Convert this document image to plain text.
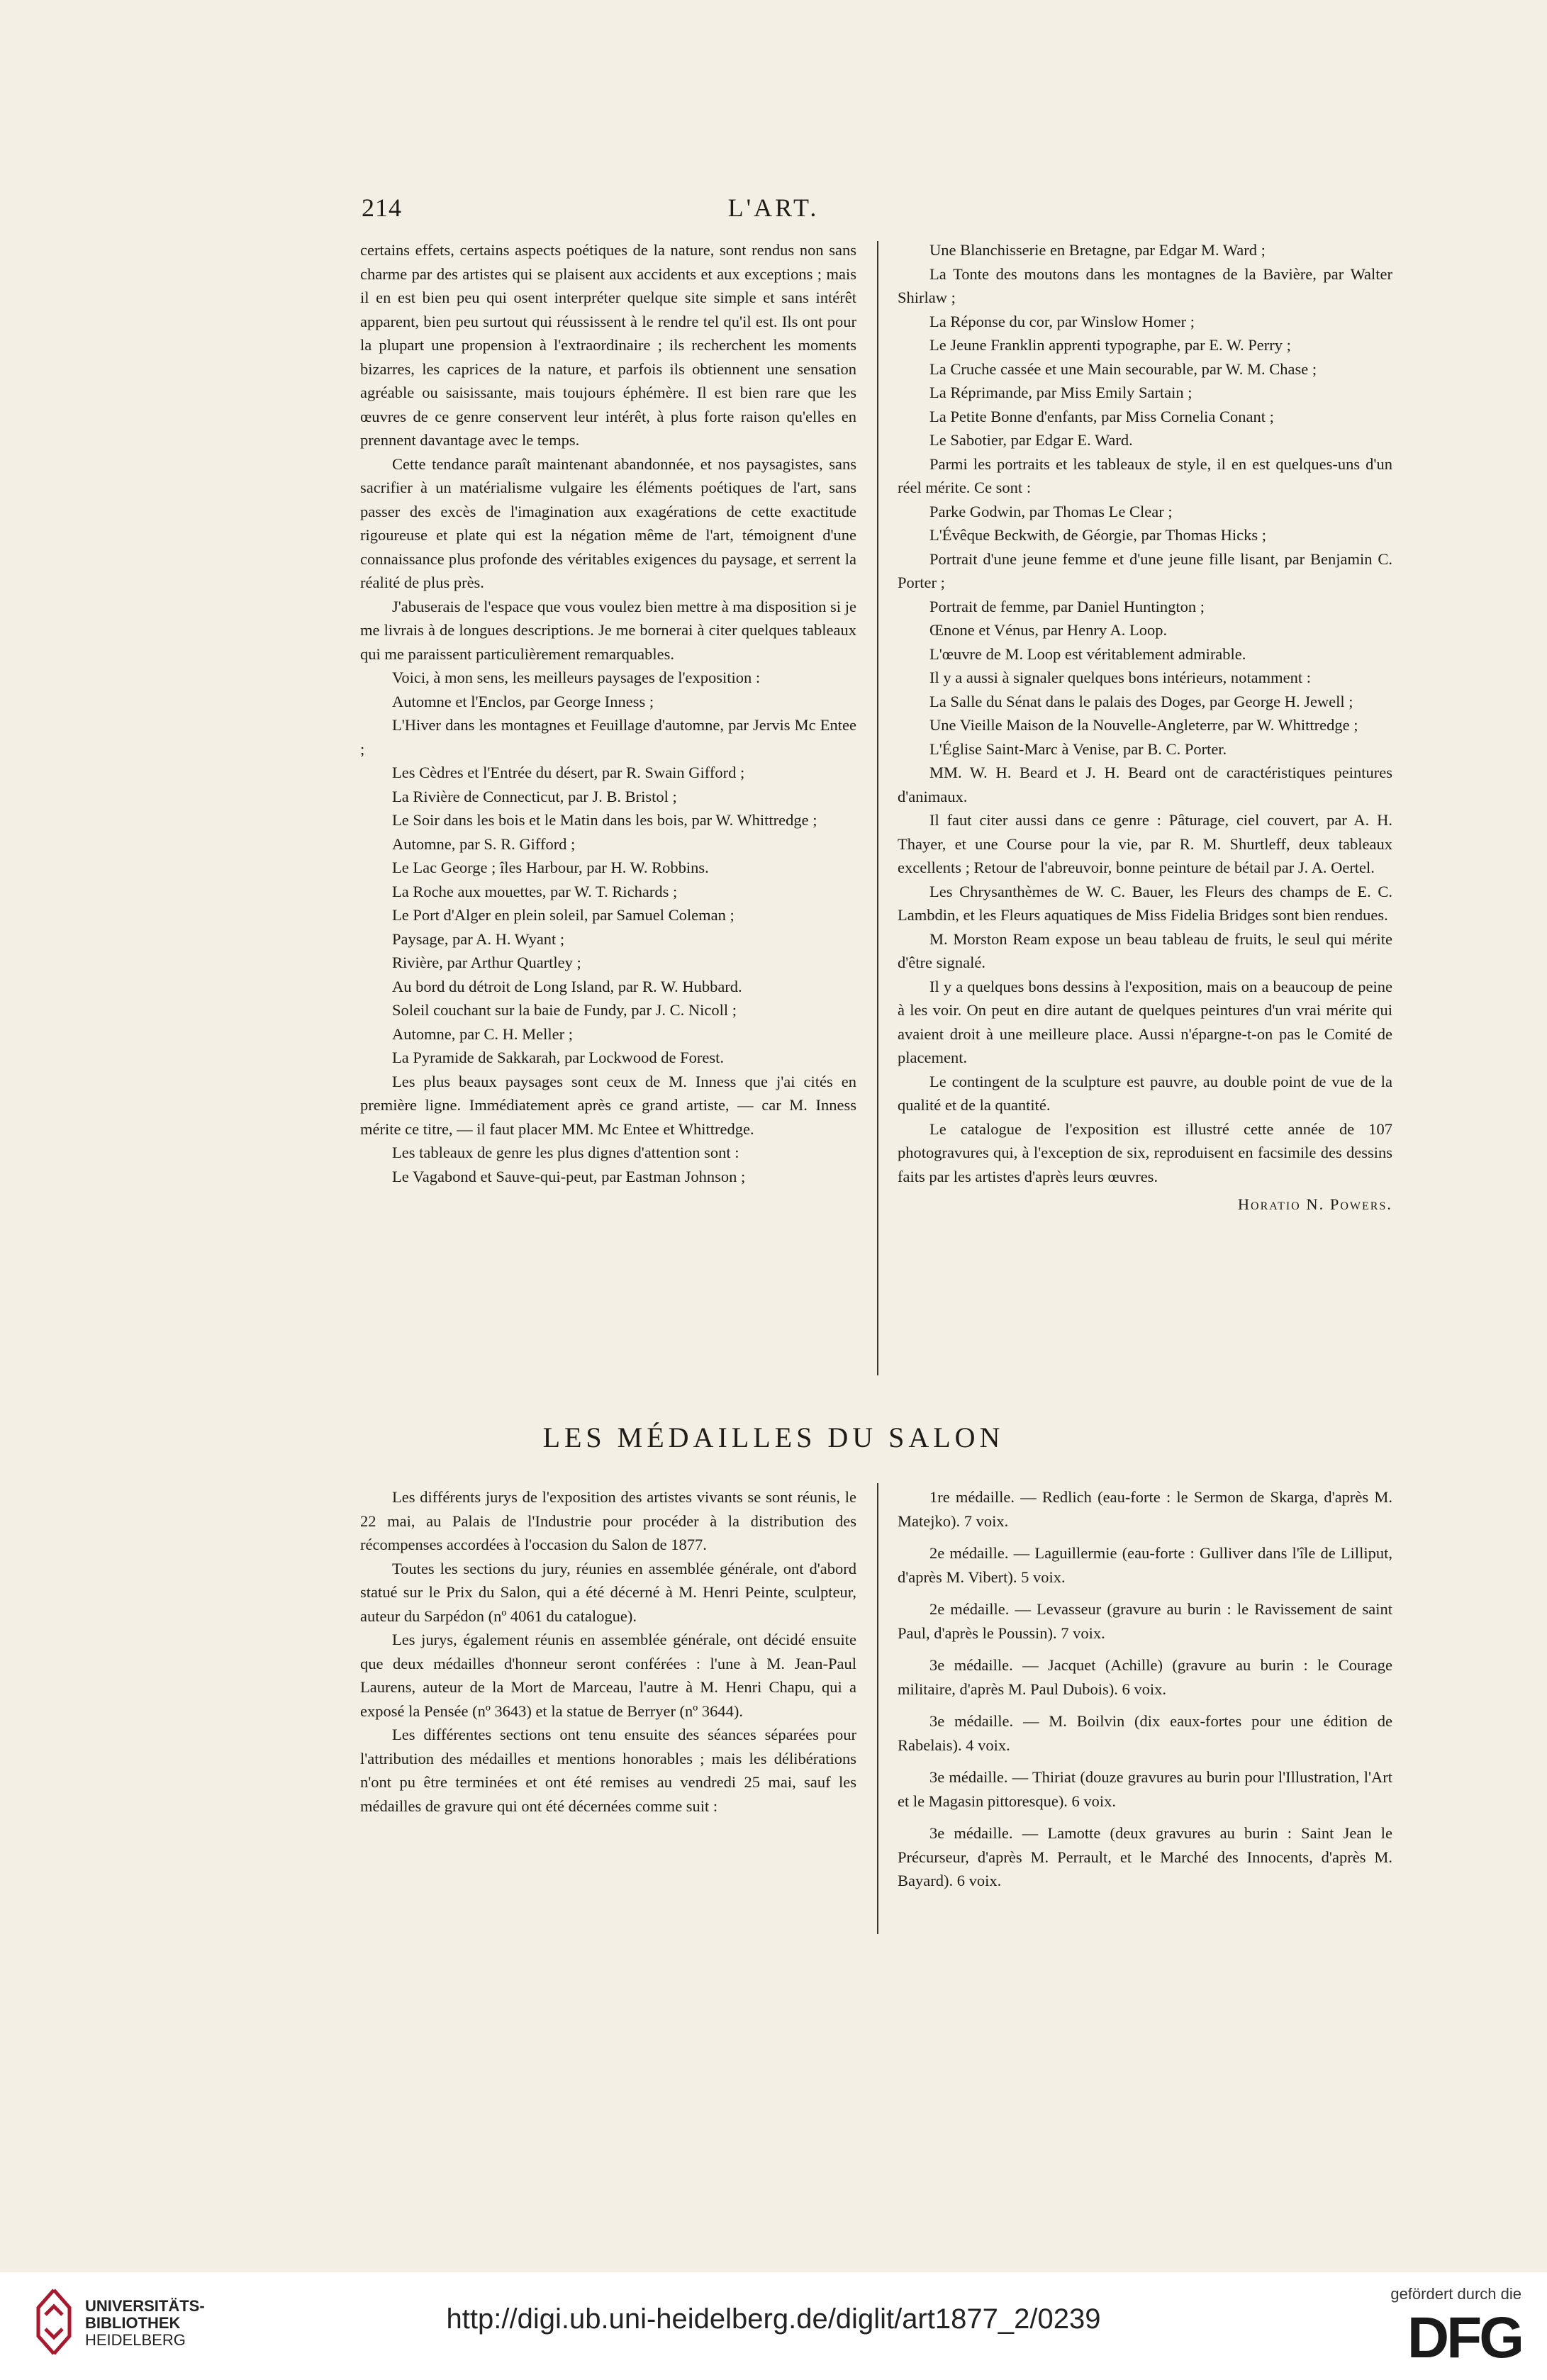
214	L'ART.

certains effets, certains aspects poétiques de la nature, sont rendus non sans charme par des artistes qui se plaisent aux accidents et aux exceptions ; mais il en est bien peu qui osent interpréter quelque site simple et sans intérêt apparent, bien peu surtout qui réussissent à le rendre tel qu'il est. Ils ont pour la plupart une propension à l'extraordinaire ; ils recherchent les moments bizarres, les caprices de la nature, et parfois ils obtiennent une sensation agréable ou saisissante, mais toujours éphémère. Il est bien rare que les œuvres de ce genre conservent leur intérêt, à plus forte raison qu'elles en prennent davantage avec le temps.

Cette tendance paraît maintenant abandonnée, et nos paysagistes, sans sacrifier à un matérialisme vulgaire les éléments poétiques de l'art, sans passer des excès de l'imagination aux exagérations de cette exactitude rigoureuse et plate qui est la négation même de l'art, témoignent d'une connaissance plus profonde des véritables exigences du paysage, et serrent la réalité de plus près.

J'abuserais de l'espace que vous voulez bien mettre à ma disposition si je me livrais à de longues descriptions. Je me bornerai à citer quelques tableaux qui me paraissent particulièrement remarquables.

Voici, à mon sens, les meilleurs paysages de l'exposition :

Automne et l'Enclos, par George Inness ;

L'Hiver dans les montagnes et Feuillage d'automne, par Jervis Mc Entee ;

Les Cèdres et l'Entrée du désert, par R. Swain Gifford ;

La Rivière de Connecticut, par J. B. Bristol ;

Le Soir dans les bois et le Matin dans les bois, par W. Whittredge ;

Automne, par S. R. Gifford ;

Le Lac George ; îles Harbour, par H. W. Robbins.

La Roche aux mouettes, par W. T. Richards ;

Le Port d'Alger en plein soleil, par Samuel Coleman ;

Paysage, par A. H. Wyant ;

Rivière, par Arthur Quartley ;

Au bord du détroit de Long Island, par R. W. Hubbard.

Soleil couchant sur la baie de Fundy, par J. C. Nicoll ;

Automne, par C. H. Meller ;

La Pyramide de Sakkarah, par Lockwood de Forest.

Les plus beaux paysages sont ceux de M. Inness que j'ai cités en première ligne. Immédiatement après ce grand artiste, — car M. Inness mérite ce titre, — il faut placer MM. Mc Entee et Whittredge.

Les tableaux de genre les plus dignes d'attention sont :

Le Vagabond et Sauve-qui-peut, par Eastman Johnson ;

Une Blanchisserie en Bretagne, par Edgar M. Ward ;

La Tonte des moutons dans les montagnes de la Bavière, par Walter Shirlaw ;

La Réponse du cor, par Winslow Homer ;

Le Jeune Franklin apprenti typographe, par E. W. Perry ;

La Cruche cassée et une Main secourable, par W. M. Chase ;

La Réprimande, par Miss Emily Sartain ;

La Petite Bonne d'enfants, par Miss Cornelia Conant ;

Le Sabotier, par Edgar E. Ward.

Parmi les portraits et les tableaux de style, il en est quelques-uns d'un réel mérite. Ce sont :

Parke Godwin, par Thomas Le Clear ;

L'Évêque Beckwith, de Géorgie, par Thomas Hicks ;

Portrait d'une jeune femme et d'une jeune fille lisant, par Benjamin C. Porter ;

Portrait de femme, par Daniel Huntington ;

Œnone et Vénus, par Henry A. Loop.

L'œuvre de M. Loop est véritablement admirable.

Il y a aussi à signaler quelques bons intérieurs, notamment :

La Salle du Sénat dans le palais des Doges, par George H. Jewell ;

Une Vieille Maison de la Nouvelle-Angleterre, par W. Whittredge ;

L'Église Saint-Marc à Venise, par B. C. Porter.

MM. W. H. Beard et J. H. Beard ont de caractéristiques peintures d'animaux.

Il faut citer aussi dans ce genre : Pâturage, ciel couvert, par A. H. Thayer, et une Course pour la vie, par R. M. Shurtleff, deux tableaux excellents ; Retour de l'abreuvoir, bonne peinture de bétail par J. A. Oertel.

Les Chrysanthèmes de W. C. Bauer, les Fleurs des champs de E. C. Lambdin, et les Fleurs aquatiques de Miss Fidelia Bridges sont bien rendues.

M. Morston Ream expose un beau tableau de fruits, le seul qui mérite d'être signalé.

Il y a quelques bons dessins à l'exposition, mais on a beaucoup de peine à les voir. On peut en dire autant de quelques peintures d'un vrai mérite qui avaient droit à une meilleure place. Aussi n'épargne-t-on pas le Comité de placement.

Le contingent de la sculpture est pauvre, au double point de vue de la qualité et de la quantité.

Le catalogue de l'exposition est illustré cette année de 107 photogravures qui, à l'exception de six, reproduisent en facsimile des dessins faits par les artistes d'après leurs œuvres.

Horatio N. Powers.

LES MÉDAILLES DU SALON

Les différents jurys de l'exposition des artistes vivants se sont réunis, le 22 mai, au Palais de l'Industrie pour procéder à la distribution des récompenses accordées à l'occasion du Salon de 1877.

Toutes les sections du jury, réunies en assemblée générale, ont d'abord statué sur le Prix du Salon, qui a été décerné à M. Henri Peinte, sculpteur, auteur du Sarpédon (nº 4061 du catalogue).

Les jurys, également réunis en assemblée générale, ont décidé ensuite que deux médailles d'honneur seront conférées : l'une à M. Jean-Paul Laurens, auteur de la Mort de Marceau, l'autre à M. Henri Chapu, qui a exposé la Pensée (nº 3643) et la statue de Berryer (nº 3644).

Les différentes sections ont tenu ensuite des séances séparées pour l'attribution des médailles et mentions honorables ; mais les délibérations n'ont pu être terminées et ont été remises au vendredi 25 mai, sauf les médailles de gravure qui ont été décernées comme suit :

1re médaille. — Redlich (eau-forte : le Sermon de Skarga, d'après M. Matejko). 7 voix.

2e médaille. — Laguillermie (eau-forte : Gulliver dans l'île de Lilliput, d'après M. Vibert). 5 voix.

2e médaille. — Levasseur (gravure au burin : le Ravissement de saint Paul, d'après le Poussin). 7 voix.

3e médaille. — Jacquet (Achille) (gravure au burin : le Courage militaire, d'après M. Paul Dubois). 6 voix.

3e médaille. — M. Boilvin (dix eaux-fortes pour une édition de Rabelais). 4 voix.

3e médaille. — Thiriat (douze gravures au burin pour l'Illustration, l'Art et le Magasin pittoresque). 6 voix.

3e médaille. — Lamotte (deux gravures au burin : Saint Jean le Précurseur, d'après M. Perrault, et le Marché des Innocents, d'après M. Bayard). 6 voix.

UNIVERSITÄTS-
BIBLIOTHEK
HEIDELBERG
http://digi.ub.uni-heidelberg.de/diglit/art1877_2/0239
gefördert durch die
DFG
